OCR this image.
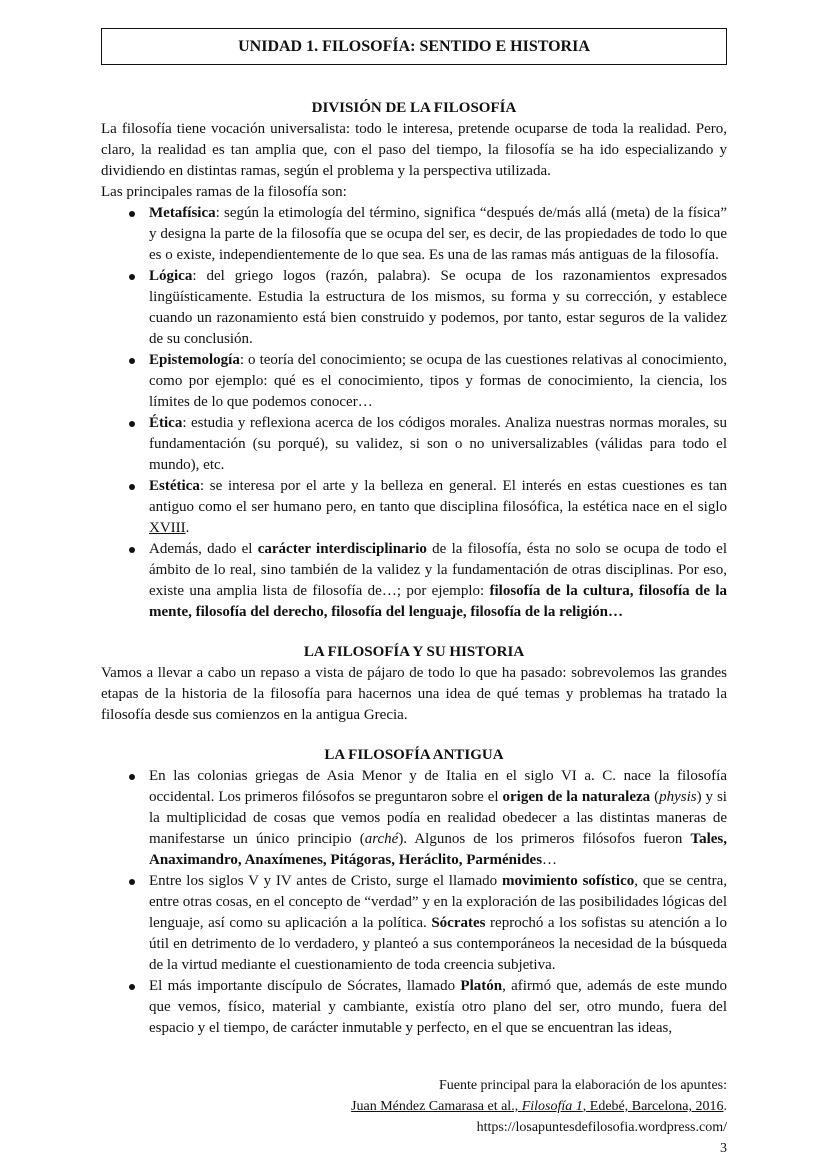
UNIDAD 1. FILOSOFÍA: SENTIDO E HISTORIA
DIVISIÓN DE LA FILOSOFÍA

La filosofía tiene vocación universalista: todo le interesa, pretende ocuparse de toda la realidad. Pero, claro, la realidad es tan amplia que, con el paso del tiempo, la filosofía se ha ido especializando y dividiendo en distintas ramas, según el problema y la perspectiva utilizada.

Las principales ramas de la filosofía son:

Metafísica: según la etimología del término, significa “después de/más allá (meta) de la física” y designa la parte de la filosofía que se ocupa del ser, es decir, de las propiedades de todo lo que es o existe, independientemente de lo que sea. Es una de las ramas más antiguas de la filosofía.
Lógica: del griego logos (razón, palabra). Se ocupa de los razonamientos expresados lingüísticamente. Estudia la estructura de los mismos, su forma y su corrección, y establece cuando un razonamiento está bien construido y podemos, por tanto, estar seguros de la validez de su conclusión.
Epistemología: o teoría del conocimiento; se ocupa de las cuestiones relativas al conocimiento, como por ejemplo: qué es el conocimiento, tipos y formas de conocimiento, la ciencia, los límites de lo que podemos conocer…
Ética: estudia y reflexiona acerca de los códigos morales. Analiza nuestras normas morales, su fundamentación (su porqué), su validez, si son o no universalizables (válidas para todo el mundo), etc.
Estética: se interesa por el arte y la belleza en general. El interés en estas cuestiones es tan antiguo como el ser humano pero, en tanto que disciplina filosófica, la estética nace en el siglo XVIII.
Además, dado el carácter interdisciplinario de la filosofía, ésta no solo se ocupa de todo el ámbito de lo real, sino también de la validez y la fundamentación de otras disciplinas. Por eso, existe una amplia lista de filosofía de…; por ejemplo: filosofía de la cultura, filosofía de la mente, filosofía del derecho, filosofía del lenguaje, filosofía de la religión…
LA FILOSOFÍA Y SU HISTORIA

Vamos a llevar a cabo un repaso a vista de pájaro de todo lo que ha pasado: sobrevolemos las grandes etapas de la historia de la filosofía para hacernos una idea de qué temas y problemas ha tratado la filosofía desde sus comienzos en la antigua Grecia.

LA FILOSOFÍA ANTIGUA
En las colonias griegas de Asia Menor y de Italia en el siglo VI a. C. nace la filosofía occidental. Los primeros filósofos se preguntaron sobre el origen de la naturaleza (physis) y si la multiplicidad de cosas que vemos podía en realidad obedecer a las distintas maneras de manifestarse un único principio (arché). Algunos de los primeros filósofos fueron Tales, Anaximandro, Anaxímenes, Pitágoras, Heráclito, Parménides…
Entre los siglos V y IV antes de Cristo, surge el llamado movimiento sofístico, que se centra, entre otras cosas, en el concepto de “verdad” y en la exploración de las posibilidades lógicas del lenguaje, así como su aplicación a la política. Sócrates reprochó a los sofistas su atención a lo útil en detrimento de lo verdadero, y planteó a sus contemporáneos la necesidad de la búsqueda de la virtud mediante el cuestionamiento de toda creencia subjetiva.
El más importante discípulo de Sócrates, llamado Platón, afirmó que, además de este mundo que vemos, físico, material y cambiante, existía otro plano del ser, otro mundo, fuera del espacio y el tiempo, de carácter inmutable y perfecto, en el que se encuentran las ideas,
Fuente principal para la elaboración de los apuntes:
Juan Méndez Camarasa et al., Filosofía 1, Edebé, Barcelona, 2016.
https://losapuntesdefilosofia.wordpress.com/
3
